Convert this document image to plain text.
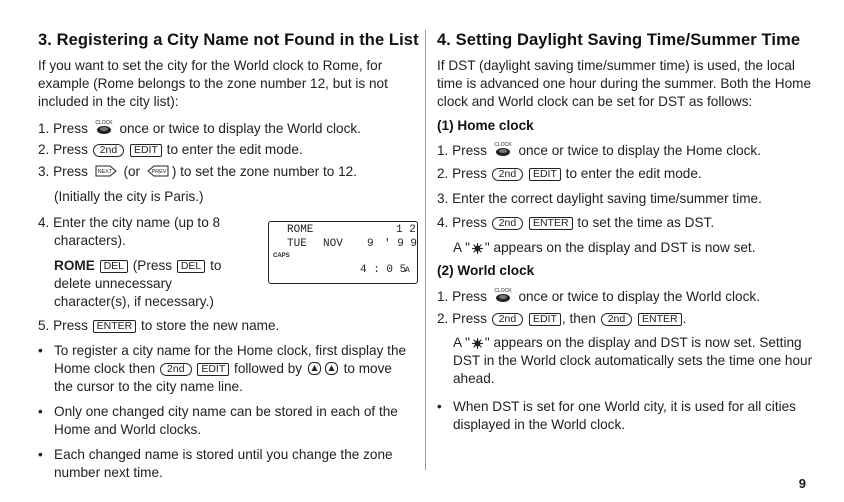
3. Registering a City Name not Found in the List
If you want to set the city for the World clock to Rome, for
example (Rome belongs to the zone number 12, but is not
included in the city list):
1. Press CLOCK once or twice to display the World clock.
2. Press 2nd EDIT to enter the edit mode.
3. Press NEXT (or PREV ) to set the zone number to 12.
(Initially the city is Paris.)
4. Enter the city name (up to 8
characters).
ROME DEL (Press DEL to
delete unnecessary
character(s), if necessary.)
ROME	1 2
TUE NOV 9 ' 9 9
CAPS
4 : 0 5
A
5. Press ENTER to store the new name.
• To register a city name for the Home clock, first display the
Home clock then 2nd EDIT followed by	to move
the cursor to the city name line.
• Only one changed city name can be stored in each of the
Home and World clocks.
• Each changed name is stored until you change the zone
number next time.
4. Setting Daylight Saving Time/Summer Time
If DST (daylight saving time/summer time) is used, the local
time is advanced one hour during the summer. Both the Home
clock and World clock can be set for DST as follows:
(1) Home clock
1. Press CLOCK once or twice to display the Home clock.
2. Press 2nd EDIT to enter the edit mode.
3. Enter the correct daylight saving time/summer time.
4. Press 2nd ENTER to set the time as DST.
A " " appears on the display and DST is now set.
(2) World clock
1. Press CLOCK once or twice to display the World clock.
2. Press 2nd EDIT , then 2nd ENTER .
A " " appears on the display and DST is now set. Setting
DST in the World clock automatically sets the time one hour
ahead.
• When DST is set for one World city, it is used for all cities
displayed in the World clock.
9
